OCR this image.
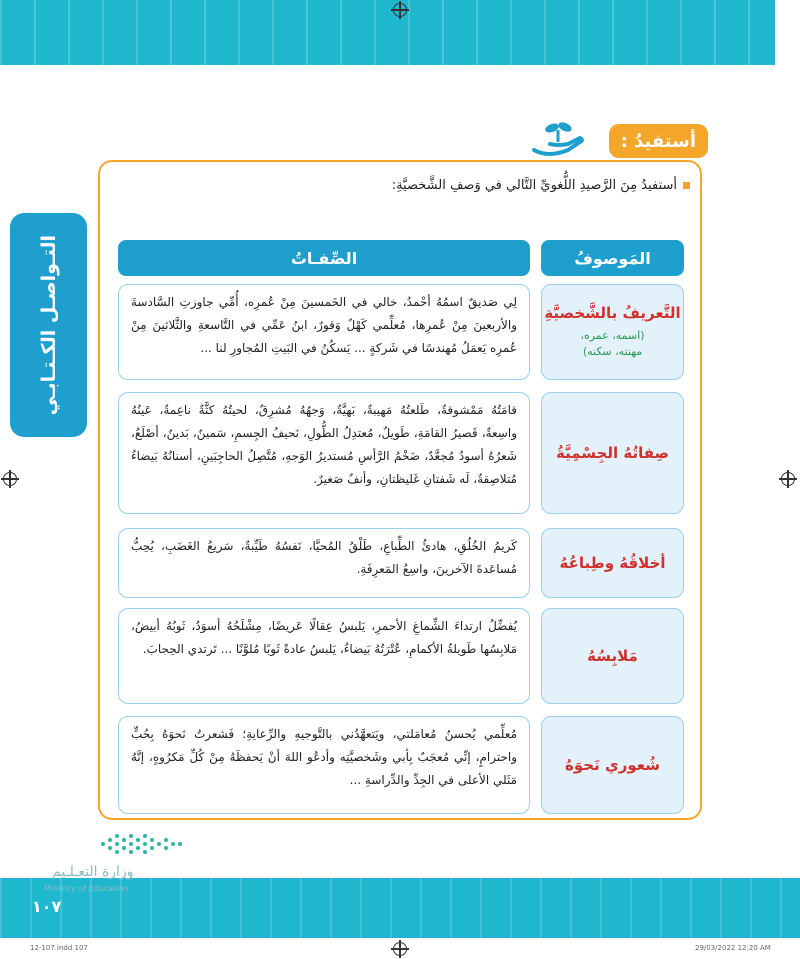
التـواصـل الكـتـابـي
أستفيدُ :
أستفيدُ مِنَ الرَّصيدِ اللُّغويِّ التَّالي في وَصفِ الشَّخصيَّةِ:
المَوصوفُ
الصِّفـاتُ
التَّعريفُ بالشَّخصيَّةِ
(اسمه، عمره، مهنته، سكنه)
لِي صَديقٌ اسمُهُ أحْمدُ، خالي في الخَمسينَ مِنْ عُمرِه، أُمِّي جاوزتِ السَّادسةَ والأربعينَ مِنْ عُمرِها، مُعلِّمي كَهْلٌ وَقورٌ، ابنُ عَمِّي في التَّاسعةِ والثَّلاثينَ مِنْ عُمرِه يَعمَلُ مُهندسًا في شَركةٍ ... يَسكُنُ في البَيتِ المُجاورِ لنا ...
صِفاتُهُ الجِسْمِيَّةُ
قامَتُهُ مَمْشوقةٌ، طَلعتُهُ مَهيبةٌ، بَهيَّةٌ، وَجهُهُ مُشرِقٌ، لحيتُهُ كثَّةٌ ناعِمةٌ، عَينُهُ واسِعةٌ، قَصيرُ القامَةِ، طَويلٌ، مُعتدِلُ الطُّولِ، نَحيفُ الجِسمِ، سَمينٌ، بَدينٌ، أصْلَعُ، شَعرُهُ أسودُ مُجعَّدٌ، ضَخْمُ الرَّأسِ مُستديرُ الوَجهِ، مُتَّصِلُ الحاجِبَينِ، أسنانُهُ بَيضاءُ مُتلاصِقةٌ، لَه شَفتانِ غَليظتانِ، وأنفٌ صَغيرٌ.
أخلاقُهُ وطِباعُهُ
كَريمُ الخُلُقِ، هادئُ الطِّباعِ، طَلْقُ المُحيَّا، نَفسُهُ طَيِّبةٌ، سَريعُ الغَضَبِ، يُحِبُّ مُساعَدةَ الآخرينَ، واسِعُ المَعرِفَةِ.
مَلابِسُهُ
يُفضِّلُ ارتداءَ الشِّماغِ الأحمرِ، يَلبسُ عِقالًا عَريضًا، مِشْلَحُهُ أسوَدُ، ثَوبُهُ أبيضُ، مَلابِسُها طَويلةُ الأكمامِ، عُتْرَتُهُ بَيضاءُ، يَلبسُ عادةً ثَوبًا مُلوَّنًا ... تَرتدي الحِجابَ.
شُعوري نَحوَهُ
مُعلِّمي يُحسنُ مُعامَلتي، ويَتعهَّدُني بالتَّوجيهِ والرِّعايةِ؛ فَشعرتُ نَحوَهُ بِحُبٍّ واحترامٍ، إنِّي مُعجَبٌ بِأبي وشَخصيَّتِه وأدعُو اللهَ أنْ يَحفظَهُ مِنْ كُلِّ مَكرُوهٍ، إنَّهُ مَثَلي الأعلى في الجِدِّ والدِّراسةِ ...
وزارة التعـلـيم
Ministry of Education
١٠٧
12-107.indd 107	29/03/2022 12:20 AM
